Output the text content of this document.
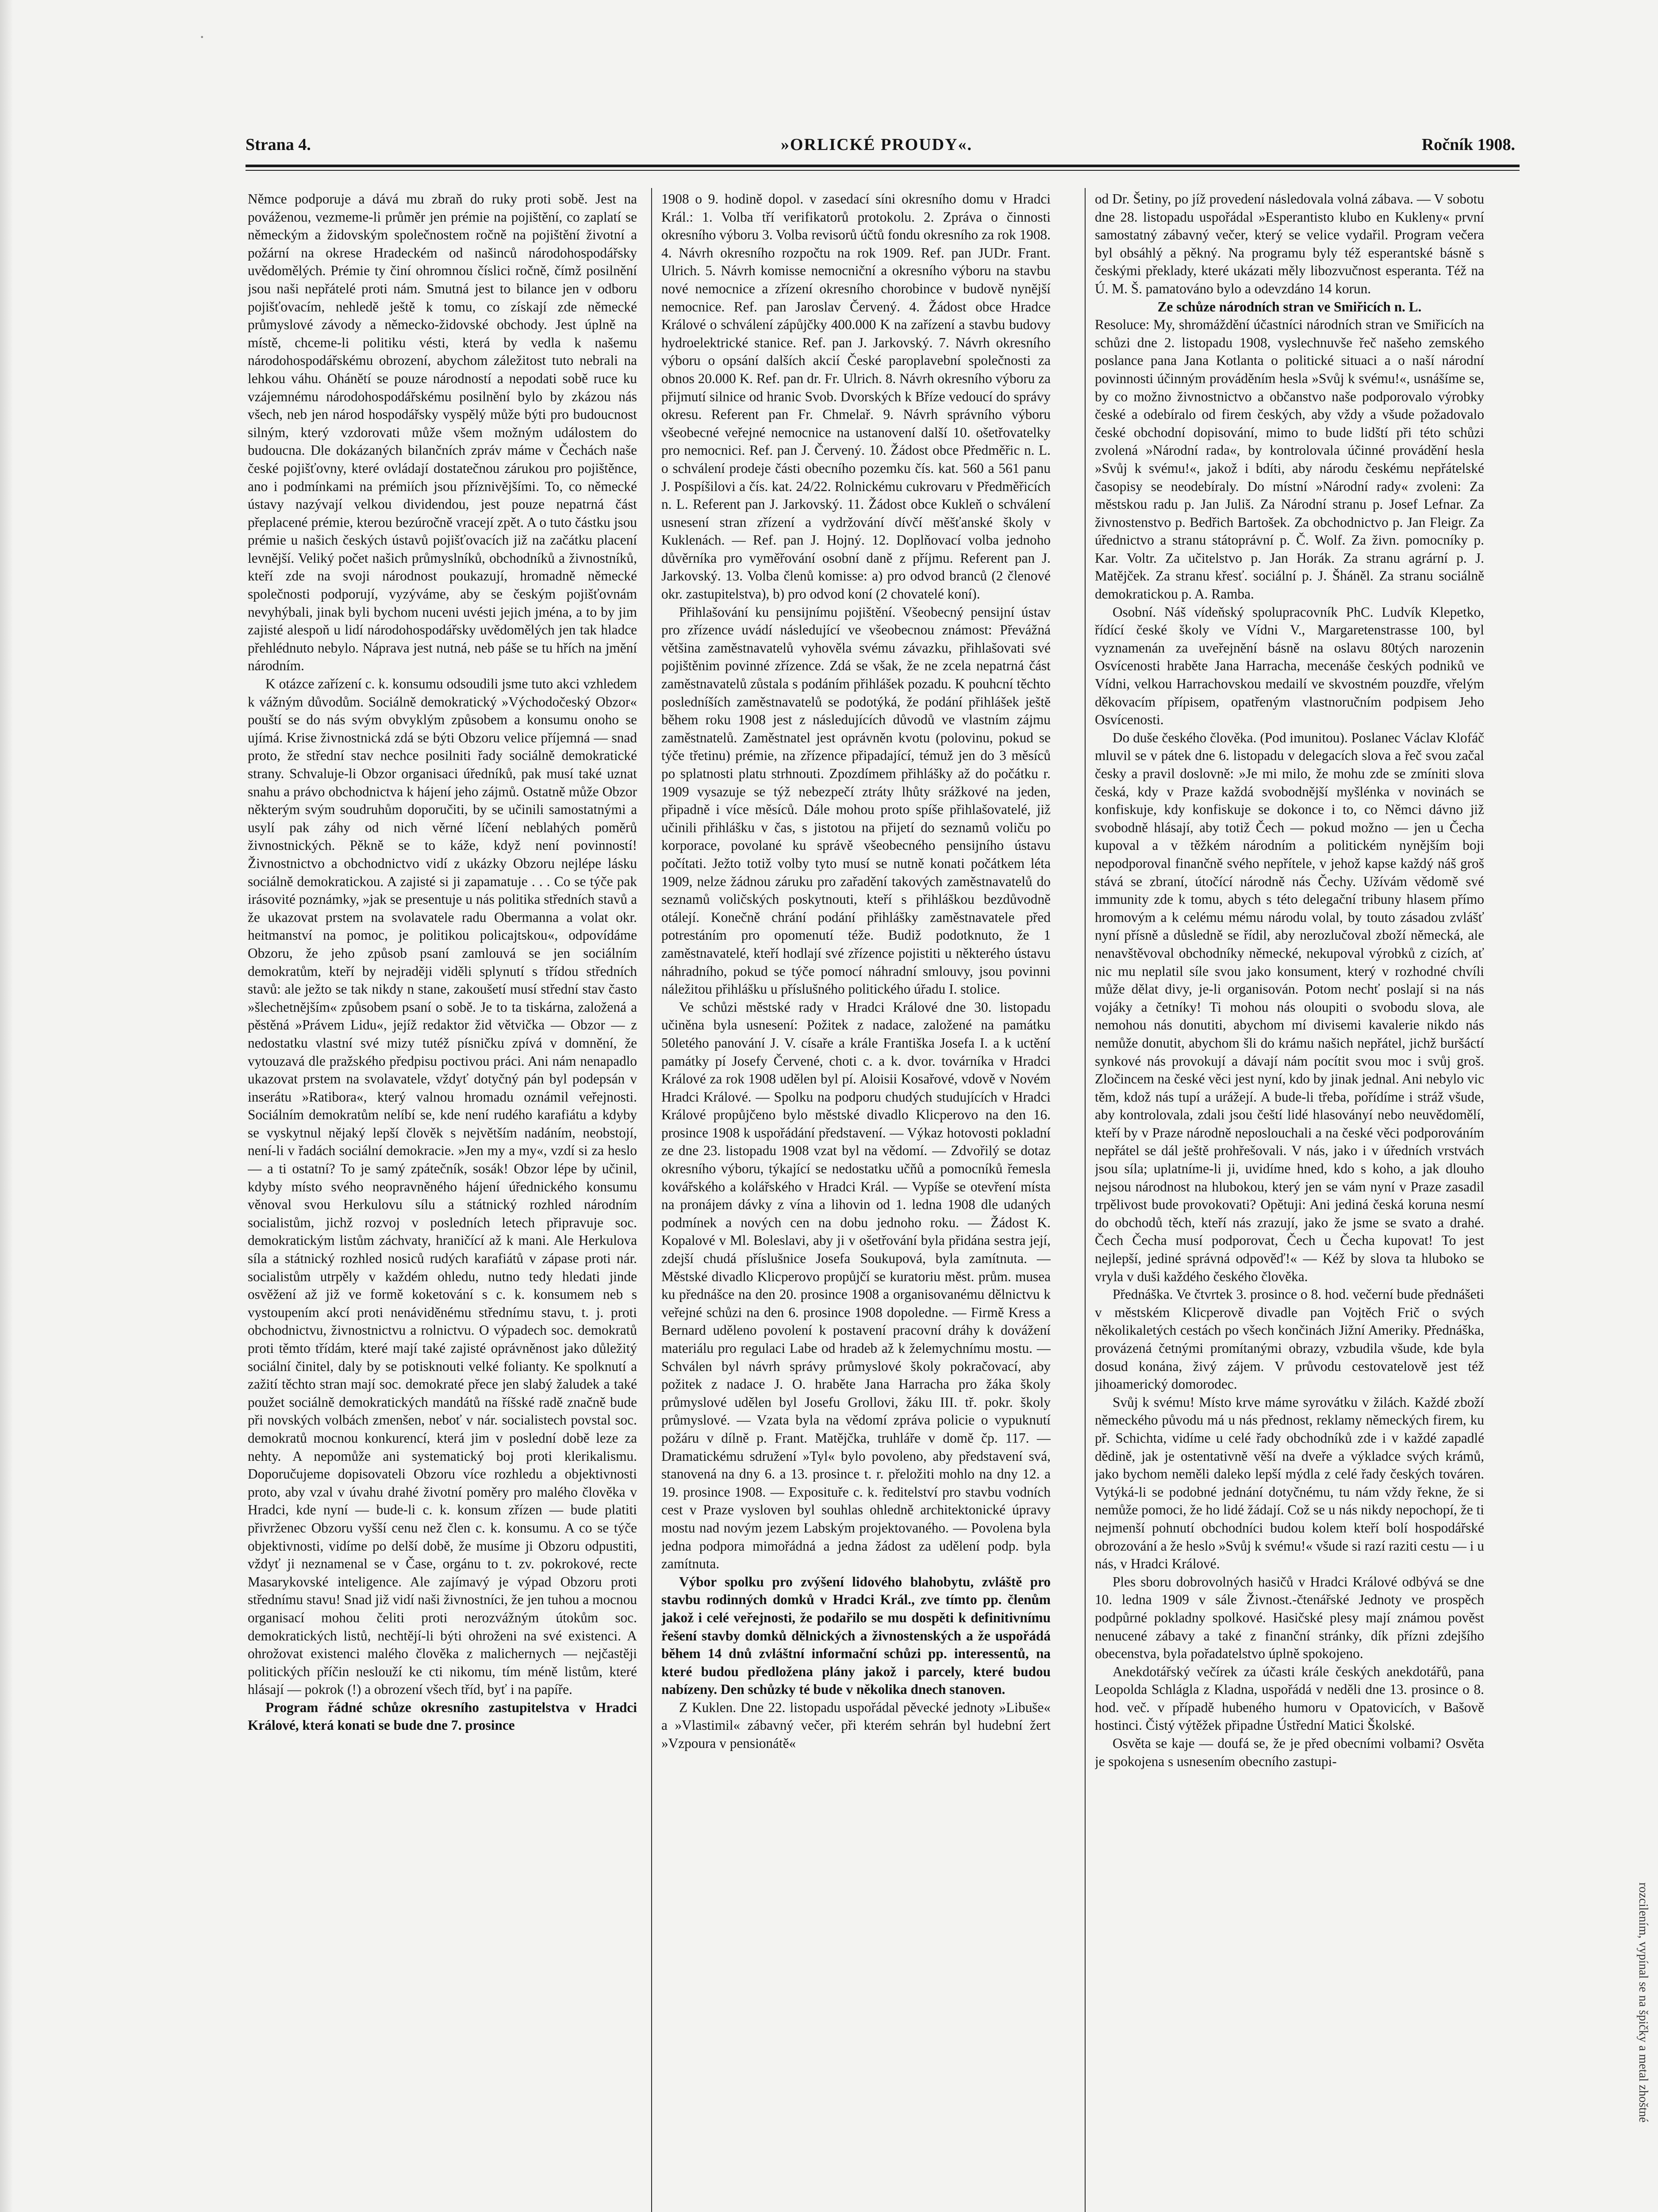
·
Strana 4.	»ORLICKÉ PROUDY«.	Ročník 1908.

Němce podporuje a dává mu zbraň do ruky proti sobě. Jest na pováženou, vezmeme-li průměr jen prémie na pojištění, co zaplatí se německým a židovským společnostem ročně na pojištění životní a požární na okrese Hradeckém od našinců národohospodářsky uvědomělých. Prémie ty činí ohromnou číslici ročně, čímž posilnění jsou naši nepřátelé proti nám. Smutná jest to bilance jen v odboru pojišťovacím, nehledě ještě k tomu, co získají zde německé průmyslové závody a německo-židovské obchody. Jest úplně na místě, chceme-li politiku vésti, která by vedla k našemu národohospodářskému obrození, abychom záležitost tuto nebrali na lehkou váhu. Ohánětí se pouze národností a nepodati sobě ruce ku vzájemnému národohospodářskému posilnění bylo by zkázou nás všech, neb jen národ hospodářsky vyspělý může býti pro budoucnost silným, který vzdorovati může všem možným událostem do budoucna. Dle dokázaných bilančních zpráv máme v Čechách naše české pojišťovny, které ovládají dostatečnou zárukou pro pojištěnce, ano i podmínkami na prémiích jsou příznivějšími. To, co německé ústavy nazývají velkou dividendou, jest pouze nepatrná část přeplacené prémie, kterou bezúročně vracejí zpět. A o tuto částku jsou prémie u našich českých ústavů pojišťovacích již na začátku placení levnější. Veliký počet našich průmyslníků, obchodníků a živnostníků, kteří zde na svoji národnost poukazují, hromadně německé společnosti podporují, vyzýváme, aby se českým pojišťovnám nevyhýbali, jinak byli bychom nuceni uvésti jejich jména, a to by jim zajisté alespoň u lidí národohospodářsky uvědomělých jen tak hladce přehlédnuto nebylo. Náprava jest nutná, neb páše se tu hřích na jmění národním.

K otázce zařízení c. k. konsumu odsoudili jsme tuto akci vzhledem k vážným důvodům. Sociálně demokratický »Východočeský Obzor« pouští se do nás svým obvyklým způsobem a konsumu onoho se ujímá. Krise živnostnická zdá se býti Obzoru velice příjemná — snad proto, že střední stav nechce posilniti řady sociálně demokratické strany. Schvaluje-li Obzor organisaci úředníků, pak musí také uznat snahu a právo obchodnictva k hájení jeho zájmů. Ostatně může Obzor některým svým soudruhům doporučiti, by se učinili samostatnými a usylí pak záhy od nich věrné líčení neblahých poměrů živnostnických. Pěkně se to káže, když není povinností! Živnostnictvo a obchodnictvo vidí z ukázky Obzoru nejlépe lásku sociálně demokratickou. A zajisté si ji zapamatuje . . . Co se týče pak irásovité poznámky, »jak se presentuje u nás politika středních stavů a že ukazovat prstem na svolavatele radu Obermanna a volat okr. heitmanství na pomoc, je politikou policajtskou«, odpovídáme Obzoru, že jeho způsob psaní zamlouvá se jen sociálním demokratům, kteří by nejraději viděli splynutí s třídou středních stavů: ale ježto se tak nikdy n stane, zakoušetí musí střední stav často »šlechetnějším« způsobem psaní o sobě. Je to ta tiskárna, založená a pěstěná »Právem Lidu«, jejíž redaktor žid větvička — Obzor — z nedostatku vlastní své mizy tutéž písničku zpívá v domnění, že vytouzavá dle pražského předpisu poctivou práci. Ani nám nenapadlo ukazovat prstem na svolavatele, vždyť dotyčný pán byl podepsán v inserátu »Ratibora«, který valnou hromadu oznámil veřejnosti. Sociálním demokratům nelíbí se, kde není rudého karafiátu a kdyby se vyskytnul nějaký lepší člověk s největším nadáním, neobstojí, není-li v řadách sociální demokracie. »Jen my a my«, vzdí si za heslo — a ti ostatní? To je samý zpátečník, sosák! Obzor lépe by učinil, kdyby místo svého neopravněného hájení úřednického konsumu věnoval svou Herkulovu sílu a státnický rozhled národním socialistům, jichž rozvoj v posledních letech připravuje soc. demokratickým listům záchvaty, hraničící až k mani. Ale Herkulova síla a státnický rozhled nosiců rudých karafiátů v zápase proti nár. socialistům utrpěly v každém ohledu, nutno tedy hledati jinde osvěžení až již ve formě koketování s c. k. konsumem neb s vystoupením akcí proti nenáviděnému střednímu stavu, t. j. proti obchodnictvu, živnostnictvu a rolnictvu. O výpadech soc. demokratů proti těmto třídám, které mají také zajisté oprávněnost jako důležitý sociální činitel, daly by se potisknouti velké folianty. Ke spolknutí a zažití těchto stran mají soc. demokraté přece jen slabý žaludek a také použet sociálně demokratických mandátů na říšské radě značně bude při novských volbách zmenšen, neboť v nár. socialistech povstal soc. demokratů mocnou konkurencí, která jim v poslední době leze za nehty. A nepomůže ani systematický boj proti klerikalismu. Doporučujeme dopisovateli Obzoru více rozhledu a objektivnosti proto, aby vzal v úvahu drahé životní poměry pro malého člověka v Hradci, kde nyní — bude-li c. k. konsum zřízen — bude platiti přivrženec Obzoru vyšší cenu než člen c. k. konsumu. A co se týče objektivnosti, vidíme po delší době, že musíme ji Obzoru odpustiti, vždyť ji neznamenal se v Čase, orgánu to t. zv. pokrokové, recte Masarykovské inteligence. Ale zajímavý je výpad Obzoru proti střednímu stavu! Snad již vidí naši živnostníci, že jen tuhou a mocnou organisací mohou čeliti proti nerozvážným útokům soc. demokratických listů, nechtějí-li býti ohroženi na své existenci. A ohrožovat existenci malého člověka z malichernych — nejčastěji politických příčin neslouží ke cti nikomu, tím méně listům, které hlásají — pokrok (!) a obrození všech tříd, byť i na papíře.

Program řádné schůze okresního zastupitelstva v Hradci Králové, která konati se bude dne 7. prosince

1908 o 9. hodině dopol. v zasedací síni okresního domu v Hradci Král.: 1. Volba tří verifikatorů protokolu. 2. Zpráva o činnosti okresního výboru 3. Volba revisorů účtů fondu okresního za rok 1908. 4. Návrh okresního rozpočtu na rok 1909. Ref. pan JUDr. Frant. Ulrich. 5. Návrh komisse nemocniční a okresního výboru na stavbu nové nemocnice a zřízení okresního chorobince v budově nynější nemocnice. Ref. pan Jaroslav Červený. 4. Žádost obce Hradce Králové o schválení zápůjčky 400.000 K na zařízení a stavbu budovy hydroelektrické stanice. Ref. pan J. Jarkovský. 7. Návrh okresního výboru o opsání dalších akcií České paroplavební společnosti za obnos 20.000 K. Ref. pan dr. Fr. Ulrich. 8. Návrh okresního výboru za přijmutí silnice od hranic Svob. Dvorských k Bříze vedoucí do správy okresu. Referent pan Fr. Chmelař. 9. Návrh správního výboru všeobecné veřejné nemocnice na ustanovení další 10. ošetřovatelky pro nemocnici. Ref. pan J. Červený. 10. Žádost obce Předměřic n. L. o schválení prodeje části obecního pozemku čís. kat. 560 a 561 panu J. Pospíšilovi a čís. kat. 24/22. Rolnickému cukrovaru v Předměřicích n. L. Referent pan J. Jarkovský. 11. Žádost obce Kukleň o schválení usnesení stran zřízení a vydržování dívčí měšťanské školy v Kuklenách. — Ref. pan J. Hojný. 12. Doplňovací volba jednoho důvěrníka pro vyměřování osobní daně z příjmu. Referent pan J. Jarkovský. 13. Volba členů komisse: a) pro odvod branců (2 členové okr. zastupitelstva), b) pro odvod koní (2 chovatelé koní).

Přihlašování ku pensijnímu pojištění. Všeobecný pensijní ústav pro zřízence uvádí následující ve všeobecnou známost: Převážná většina zaměstnavatelů vyhověla svému závazku, přihlašovati své pojištěnim povinné zřízence. Zdá se však, že ne zcela nepatrná část zaměstnavatelů zůstala s podáním přihlášek pozadu. K pouhcní těchto posledníších zaměstnavatelů se podotýká, že podání přihlášek ještě během roku 1908 jest z následujících důvodů ve vlastním zájmu zaměstnatelů. Zaměstnatel jest oprávněn kvotu (polovinu, pokud se týče třetinu) prémie, na zřízence připadající, témuž jen do 3 měsíců po splatnosti platu strhnouti. Zpozdímem přihlášky až do počátku r. 1909 vysazuje se týž nebezpečí ztráty lhůty srážkové na jeden, připadně i více měsíců. Dále mohou proto spíše přihlašovatelé, již učinili přihlášku v čas, s jistotou na přijetí do seznamů voliču po korporace, povolané ku správě všeobecného pensijního ústavu počítati. Ježto totiž volby tyto musí se nutně konati počátkem léta 1909, nelze žádnou záruku pro zařadění takových zaměstnavatelů do seznamů voličských poskytnouti, kteří s přihláškou bezdůvodně otálejí. Konečně chrání podání přihlášky zaměstnavatele před potrestáním pro opomenutí téže. Budiž podotknuto, že 1 zaměstnavatelé, kteří hodlají své zřízence pojistiti u některého ústavu náhradního, pokud se týče pomocí náhradní smlouvy, jsou povinni náležitou přihlášku u příslušného politického úřadu I. stolice.

Ve schůzi městské rady v Hradci Králové dne 30. listopadu učiněna byla usnesení: Požitek z nadace, založené na památku 50letého panování J. V. císaře a krále Františka Josefa I. a k uctění památky pí Josefy Červené, choti c. a k. dvor. továrníka v Hradci Králové za rok 1908 udělen byl pí. Aloisii Kosařové, vdově v Novém Hradci Králové. — Spolku na podporu chudých studujících v Hradci Králové propůjčeno bylo městské divadlo Klicperovo na den 16. prosince 1908 k uspořádání představení. — Výkaz hotovosti pokladní ze dne 23. listopadu 1908 vzat byl na vědomí. — Zdvořilý se dotaz okresního výboru, týkající se nedostatku učňů a pomocníků řemesla kovářského a kolářského v Hradci Král. — Vypíše se otevření místa na pronájem dávky z vína a lihovin od 1. ledna 1908 dle udaných podmínek a nových cen na dobu jednoho roku. — Žádost K. Kopalové v Ml. Boleslavi, aby ji v ošetřování byla přidána sestra její, zdejší chudá příslušnice Josefa Soukupová, byla zamítnuta. — Městské divadlo Klicperovo propůjčí se kuratoriu měst. prům. musea ku přednášce na den 20. prosince 1908 a organisovanému dělnictvu k veřejné schůzi na den 6. prosince 1908 dopoledne. — Firmě Kress a Bernard uděleno povolení k postavení pracovní dráhy k dovážení materiálu pro regulaci Labe od hradeb až k želemychnímu mostu. — Schválen byl návrh správy průmyslové školy pokračovací, aby požitek z nadace J. O. hraběte Jana Harracha pro žáka školy průmyslové udělen byl Josefu Grollovi, žáku III. tř. pokr. školy průmyslové. — Vzata byla na vědomí zpráva policie o vypuknutí požáru v dílně p. Frant. Matějčka, truhláře v domě čp. 117. — Dramatickému sdružení »Tyl« bylo povoleno, aby představení svá, stanovená na dny 6. a 13. prosince t. r. přeložiti mohlo na dny 12. a 19. prosince 1908. — Exposituře c. k. ředitelství pro stavbu vodních cest v Praze vysloven byl souhlas ohledně architektonické úpravy mostu nad novým jezem Labským projektovaného. — Povolena byla jedna podpora mimořádná a jedna žádost za udělení podp. byla zamítnuta.

Výbor spolku pro zvýšení lidového blahobytu, zvláště pro stavbu rodinných domků v Hradci Král., zve tímto pp. členům jakož i celé veřejnosti, že podařilo se mu dospěti k definitivnímu řešení stavby domků dělnických a živnostenských a že uspořádá během 14 dnů zvláštní informační schůzi pp. interessentů, na které budou předložena plány jakož i parcely, které budou nabízeny. Den schůzky té bude v několika dnech stanoven.

Z Kuklen. Dne 22. listopadu uspořádal pěvecké jednoty »Libuše« a »Vlastimil« zábavný večer, při kterém sehrán byl hudební žert »Vzpoura v pensionátě«

od Dr. Šetiny, po jíž provedení následovala volná zábava. — V sobotu dne 28. listopadu uspořádal »Esperantisto klubo en Kukleny« první samostatný zábavný večer, který se velice vydařil. Program večera byl obsáhlý a pěkný. Na programu byly též esperantské básně s českými překlady, které ukázati měly libozvučnost esperanta. Též na Ú. M. Š. pamatováno bylo a odevzdáno 14 korun.

Ze schůze národních stran ve Smiřicích n. L.

Resoluce: My, shromáždění účastníci národních stran ve Smiřicích na schůzi dne 2. listopadu 1908, vyslechnuvše řeč našeho zemského poslance pana Jana Kotlanta o politické situaci a o naší národní povinnosti účinným prováděním hesla »Svůj k svému!«, usnášíme se, by co možno živnostnictvo a občanstvo naše podporovalo výrobky české a odebíralo od firem českých, aby vždy a všude požadovalo české obchodní dopisování, mimo to bude lidští při této schůzi zvolená »Národní rada«, by kontrolovala účinné provádění hesla »Svůj k svému!«, jakož i bdíti, aby národu českému nepřátelské časopisy se neodebíraly. Do místní »Národní rady« zvoleni: Za městskou radu p. Jan Juliš. Za Národní stranu p. Josef Lefnar. Za živnostenstvo p. Bedřich Bartošek. Za obchodnictvo p. Jan Fleigr. Za úřednictvo a stranu státoprávní p. Č. Wolf. Za živn. pomocníky p. Kar. Voltr. Za učitelstvo p. Jan Horák. Za stranu agrární p. J. Matějček. Za stranu křesť. sociální p. J. Šháněl. Za stranu sociálně demokratickou p. A. Ramba.

Osobní. Náš vídeňský spolupracovník PhC. Ludvík Klepetko, řídící české školy ve Vídni V., Margaretenstrasse 100, byl vyznamenán za uveřejnění básně na oslavu 80tých narozenin Osvícenosti hraběte Jana Harracha, mecenáše českých podniků ve Vídni, velkou Harrachovskou medailí ve skvostném pouzdře, vřelým děkovacím přípisem, opatřeným vlastnoručním podpisem Jeho Osvícenosti.

Do duše českého člověka. (Pod imunitou). Poslanec Václav Klofáč mluvil se v pátek dne 6. listopadu v delegacích slova a řeč svou začal česky a pravil doslovně: »Je mi milo, že mohu zde se zmíniti slova česká, kdy v Praze každá svobodnější myšlénka v novinách se konfiskuje, kdy konfiskuje se dokonce i to, co Němci dávno již svobodně hlásají, aby totiž Čech — pokud možno — jen u Čecha kupoval a v těžkém národním a politickém nynějším boji nepodporoval finančně svého nepřítele, v jehož kapse každý náš groš stává se zbraní, útočící národně nás Čechy. Užívám vědomě své immunity zde k tomu, abych s této delegační tribuny hlasem přímo hromovým a k celému mému národu volal, by touto zásadou zvlášť nyní přísně a důsledně se řídil, aby nerozlučoval zboží německá, ale nenavštěvoval obchodníky německé, nekupoval výrobků z cizích, ať nic mu neplatil síle svou jako konsument, který v rozhodné chvíli může dělat divy, je-li organisován. Potom nechť poslají si na nás vojáky a četníky! Ti mohou nás oloupiti o svobodu slova, ale nemohou nás donutiti, abychom mí divisemi kavalerie nikdo nás nemůže donutit, abychom šli do krámu našich nepřátel, jichž buršáctí synkové nás provokují a dávají nám pocítit svou moc i svůj groš. Zločincem na české věci jest nyní, kdo by jinak jednal. Ani nebylo vic těm, kdož nás tupí a urážejí. A bude-li třeba, pořídíme i stráž všude, aby kontrolovala, zdali jsou čeští lidé hlasoványí nebo neuvědomělí, kteří by v Praze národně neposlouchali a na české věci podporováním nepřátel se dál ještě prohřešovali. V nás, jako i v úředních vrstvách jsou síla; uplatníme-li ji, uvidíme hned, kdo s koho, a jak dlouho nejsou národnost na hlubokou, který jen se vám nyní v Praze zasadil trpělivost bude provokovati? Opětuji: Ani jediná česká koruna nesmí do obchodů těch, kteří nás zrazují, jako že jsme se svato a drahé. Čech Čecha musí podporovat, Čech u Čecha kupovat! To jest nejlepší, jediné správná odpověď!« — Kéž by slova ta hluboko se vryla v duši každého českého člověka.

Přednáška. Ve čtvrtek 3. prosince o 8. hod. večerní bude přednášeti v městském Klicperově divadle pan Vojtěch Frič o svých několikaletých cestách po všech končinách Jižní Ameriky. Přednáška, provázená četnými promítanými obrazy, vzbudila všude, kde byla dosud konána, živý zájem. V průvodu cestovatelově jest též jihoamerický domorodec.

Svůj k svému! Místo krve máme syrovátku v žilách. Každé zboží německého původu má u nás přednost, reklamy německých firem, ku př. Schichta, vidíme u celé řady obchodníků zde i v každé zapadlé dědině, jak je ostentativně věší na dveře a výkladce svých krámů, jako bychom neměli daleko lepší mýdla z celé řady českých továren. Vytýká-li se podobné jednání dotyčnému, tu nám vždy řekne, že si nemůže pomoci, že ho lidé žádají. Což se u nás nikdy nepochopí, že ti nejmenší pohnutí obchodníci budou kolem kteří bolí hospodářské obrozování a že heslo »Svůj k svému!« všude si razí raziti cestu — i u nás, v Hradci Králové.

Ples sboru dobrovolných hasičů v Hradci Králové odbývá se dne 10. ledna 1909 v sále Živnost.-čtenářské Jednoty ve prospěch podpůrné pokladny spolkové. Hasičské plesy mají známou pověst nenucené zábavy a také z finanční stránky, dík přízni zdejšího obecenstva, byla pořadatelstvo úplně spokojeno.

Anekdotářský večírek za účasti krále českých anekdotářů, pana Leopolda Schlágla z Kladna, uspořádá v neděli dne 13. prosince o 8. hod. več. v případě hubeného humoru v Opatovicích, v Bašově hostinci. Čistý výtěžek připadne Ústřední Matici Školské.

Osvěta se kaje — doufá se, že je před obecními volbami? Osvěta je spokojena s usnesením obecního zastupi-

rozcilením, vypínal se na špičky a metal zhoštné
